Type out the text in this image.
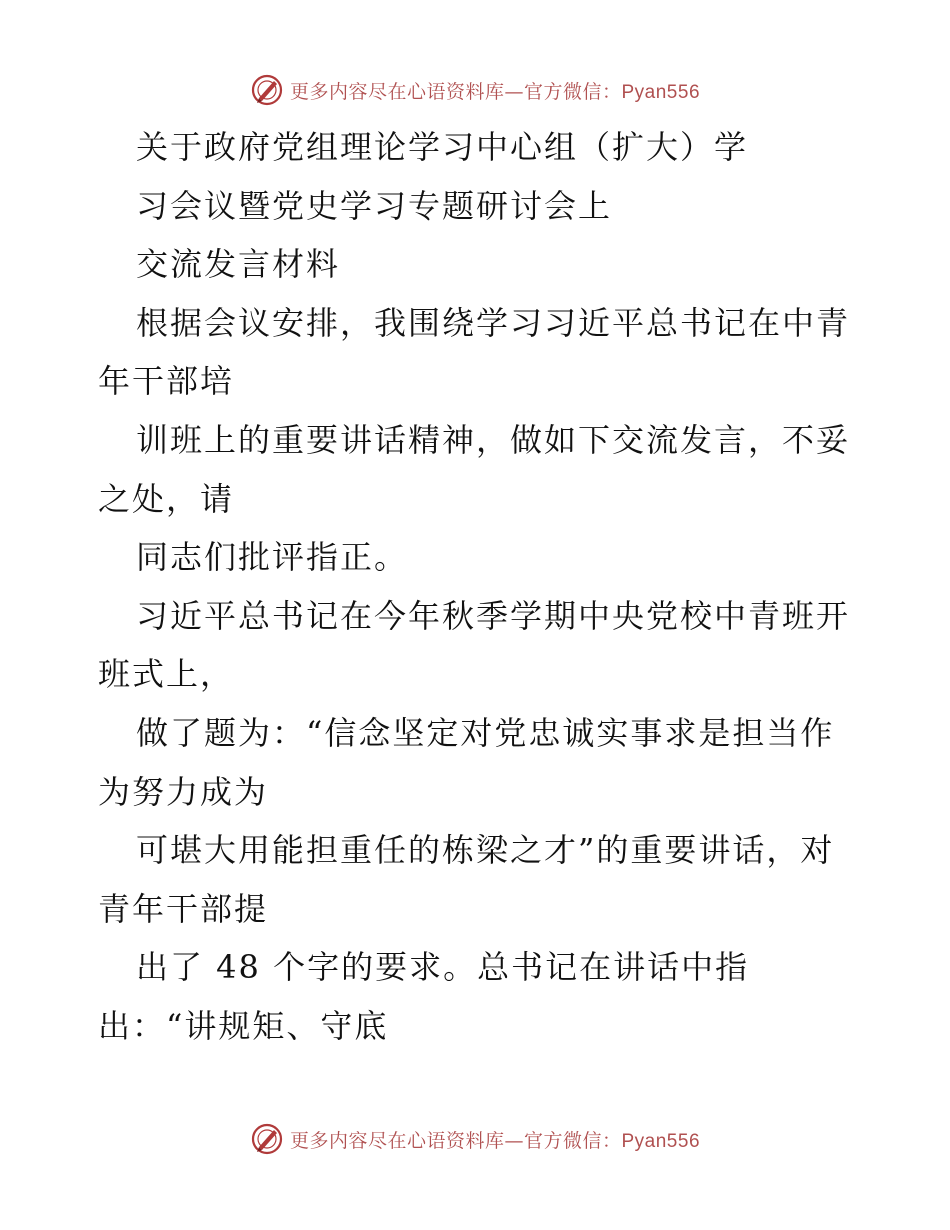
更多内容尽在心语资料库—官方微信：Pyan556
关于政府党组理论学习中心组（扩大）学
习会议暨党史学习专题研讨会上
交流发言材料
根据会议安排，我围绕学习习近平总书记在中青
年干部培
训班上的重要讲话精神，做如下交流发言，不妥
之处，请
同志们批评指正。
习近平总书记在今年秋季学期中央党校中青班开
班式上，
做了题为：“信念坚定对党忠诚实事求是担当作
为努力成为
可堪大用能担重任的栋梁之才”的重要讲话，对
青年干部提
出了 48 个字的要求。总书记在讲话中指
出：“讲规矩、守底
更多内容尽在心语资料库—官方微信：Pyan556
